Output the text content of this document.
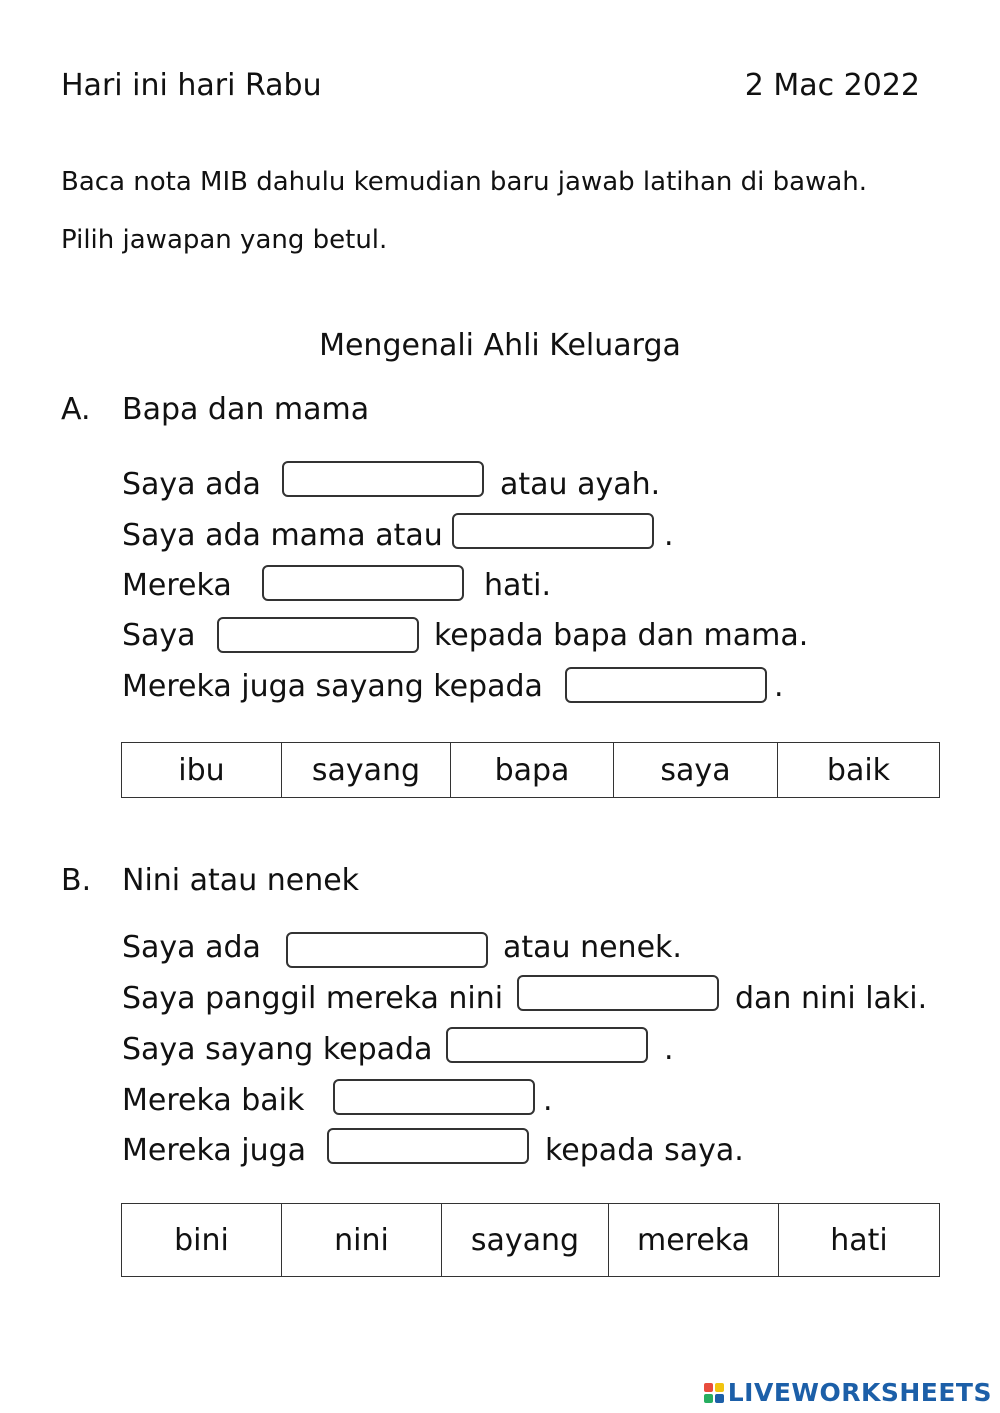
Hari ini hari Rabu	2 Mac 2022
Baca nota MIB dahulu kemudian baru jawab latihan di bawah.
Pilih jawapan yang betul.
Mengenali Ahli Keluarga
A. Bapa dan mama
Saya ada	atau ayah.
Saya ada mama atau	.
Mereka	hati.
Saya	kepada bapa dan mama.
Mereka juga sayang kepada	.
ibu	sayang	bapa	saya	baik
B. Nini atau nenek
Saya ada	atau nenek.
Saya panggil mereka nini	dan nini laki.
Saya sayang kepada	.
Mereka baik	.
Mereka juga	kepada saya.
bini	nini	sayang	mereka	hati
LIVEWORKSHEETS
